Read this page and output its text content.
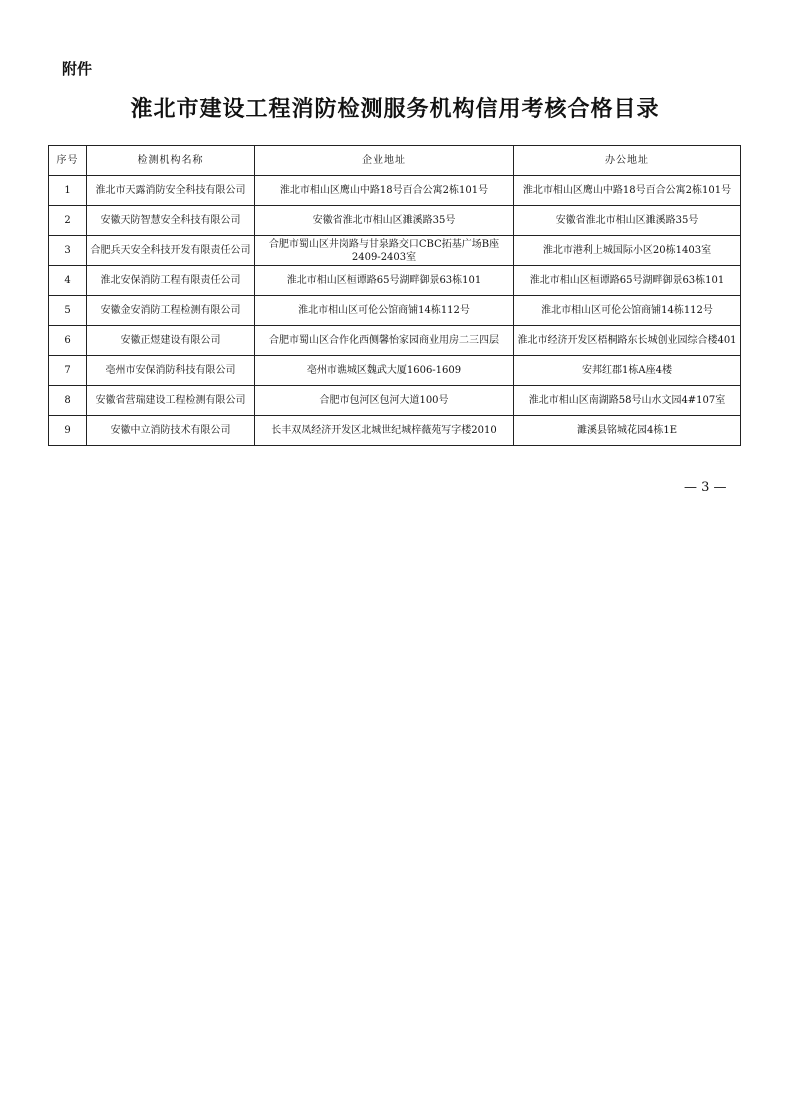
附件
淮北市建设工程消防检测服务机构信用考核合格目录
序号	检测机构名称	企业地址	办公地址
1	淮北市天露消防安全科技有限公司	淮北市相山区鹰山中路18号百合公寓2栋101号	淮北市相山区鹰山中路18号百合公寓2栋101号
2	安徽天防智慧安全科技有限公司	安徽省淮北市相山区濉溪路35号	安徽省淮北市相山区濉溪路35号
3	合肥兵天安全科技开发有限责任公司	合肥市蜀山区井岗路与甘泉路交口CBC拓基广场B座2409-2403室	淮北市港利上城国际小区20栋1403室
4	淮北安保消防工程有限责任公司	淮北市相山区桓谭路65号湖畔御景63栋101	淮北市相山区桓谭路65号湖畔御景63栋101
5	安徽金安消防工程检测有限公司	淮北市相山区可伦公馆商铺14栋112号	淮北市相山区可伦公馆商铺14栋112号
6	安徽正煜建设有限公司	合肥市蜀山区合作化西侧馨怡家园商业用房二三四层	淮北市经济开发区梧桐路东长城创业园综合楼401
7	亳州市安保消防科技有限公司	亳州市谯城区魏武大厦1606-1609	安邦红郡1栋A座4楼
8	安徽省营瑞建设工程检测有限公司	合肥市包河区包河大道100号	淮北市相山区南湖路58号山水文园4#107室
9	安徽中立消防技术有限公司	长丰双凤经济开发区北城世纪城梓薇苑写字楼2010	濉溪县铭城花园4栋1E
— 3 —
